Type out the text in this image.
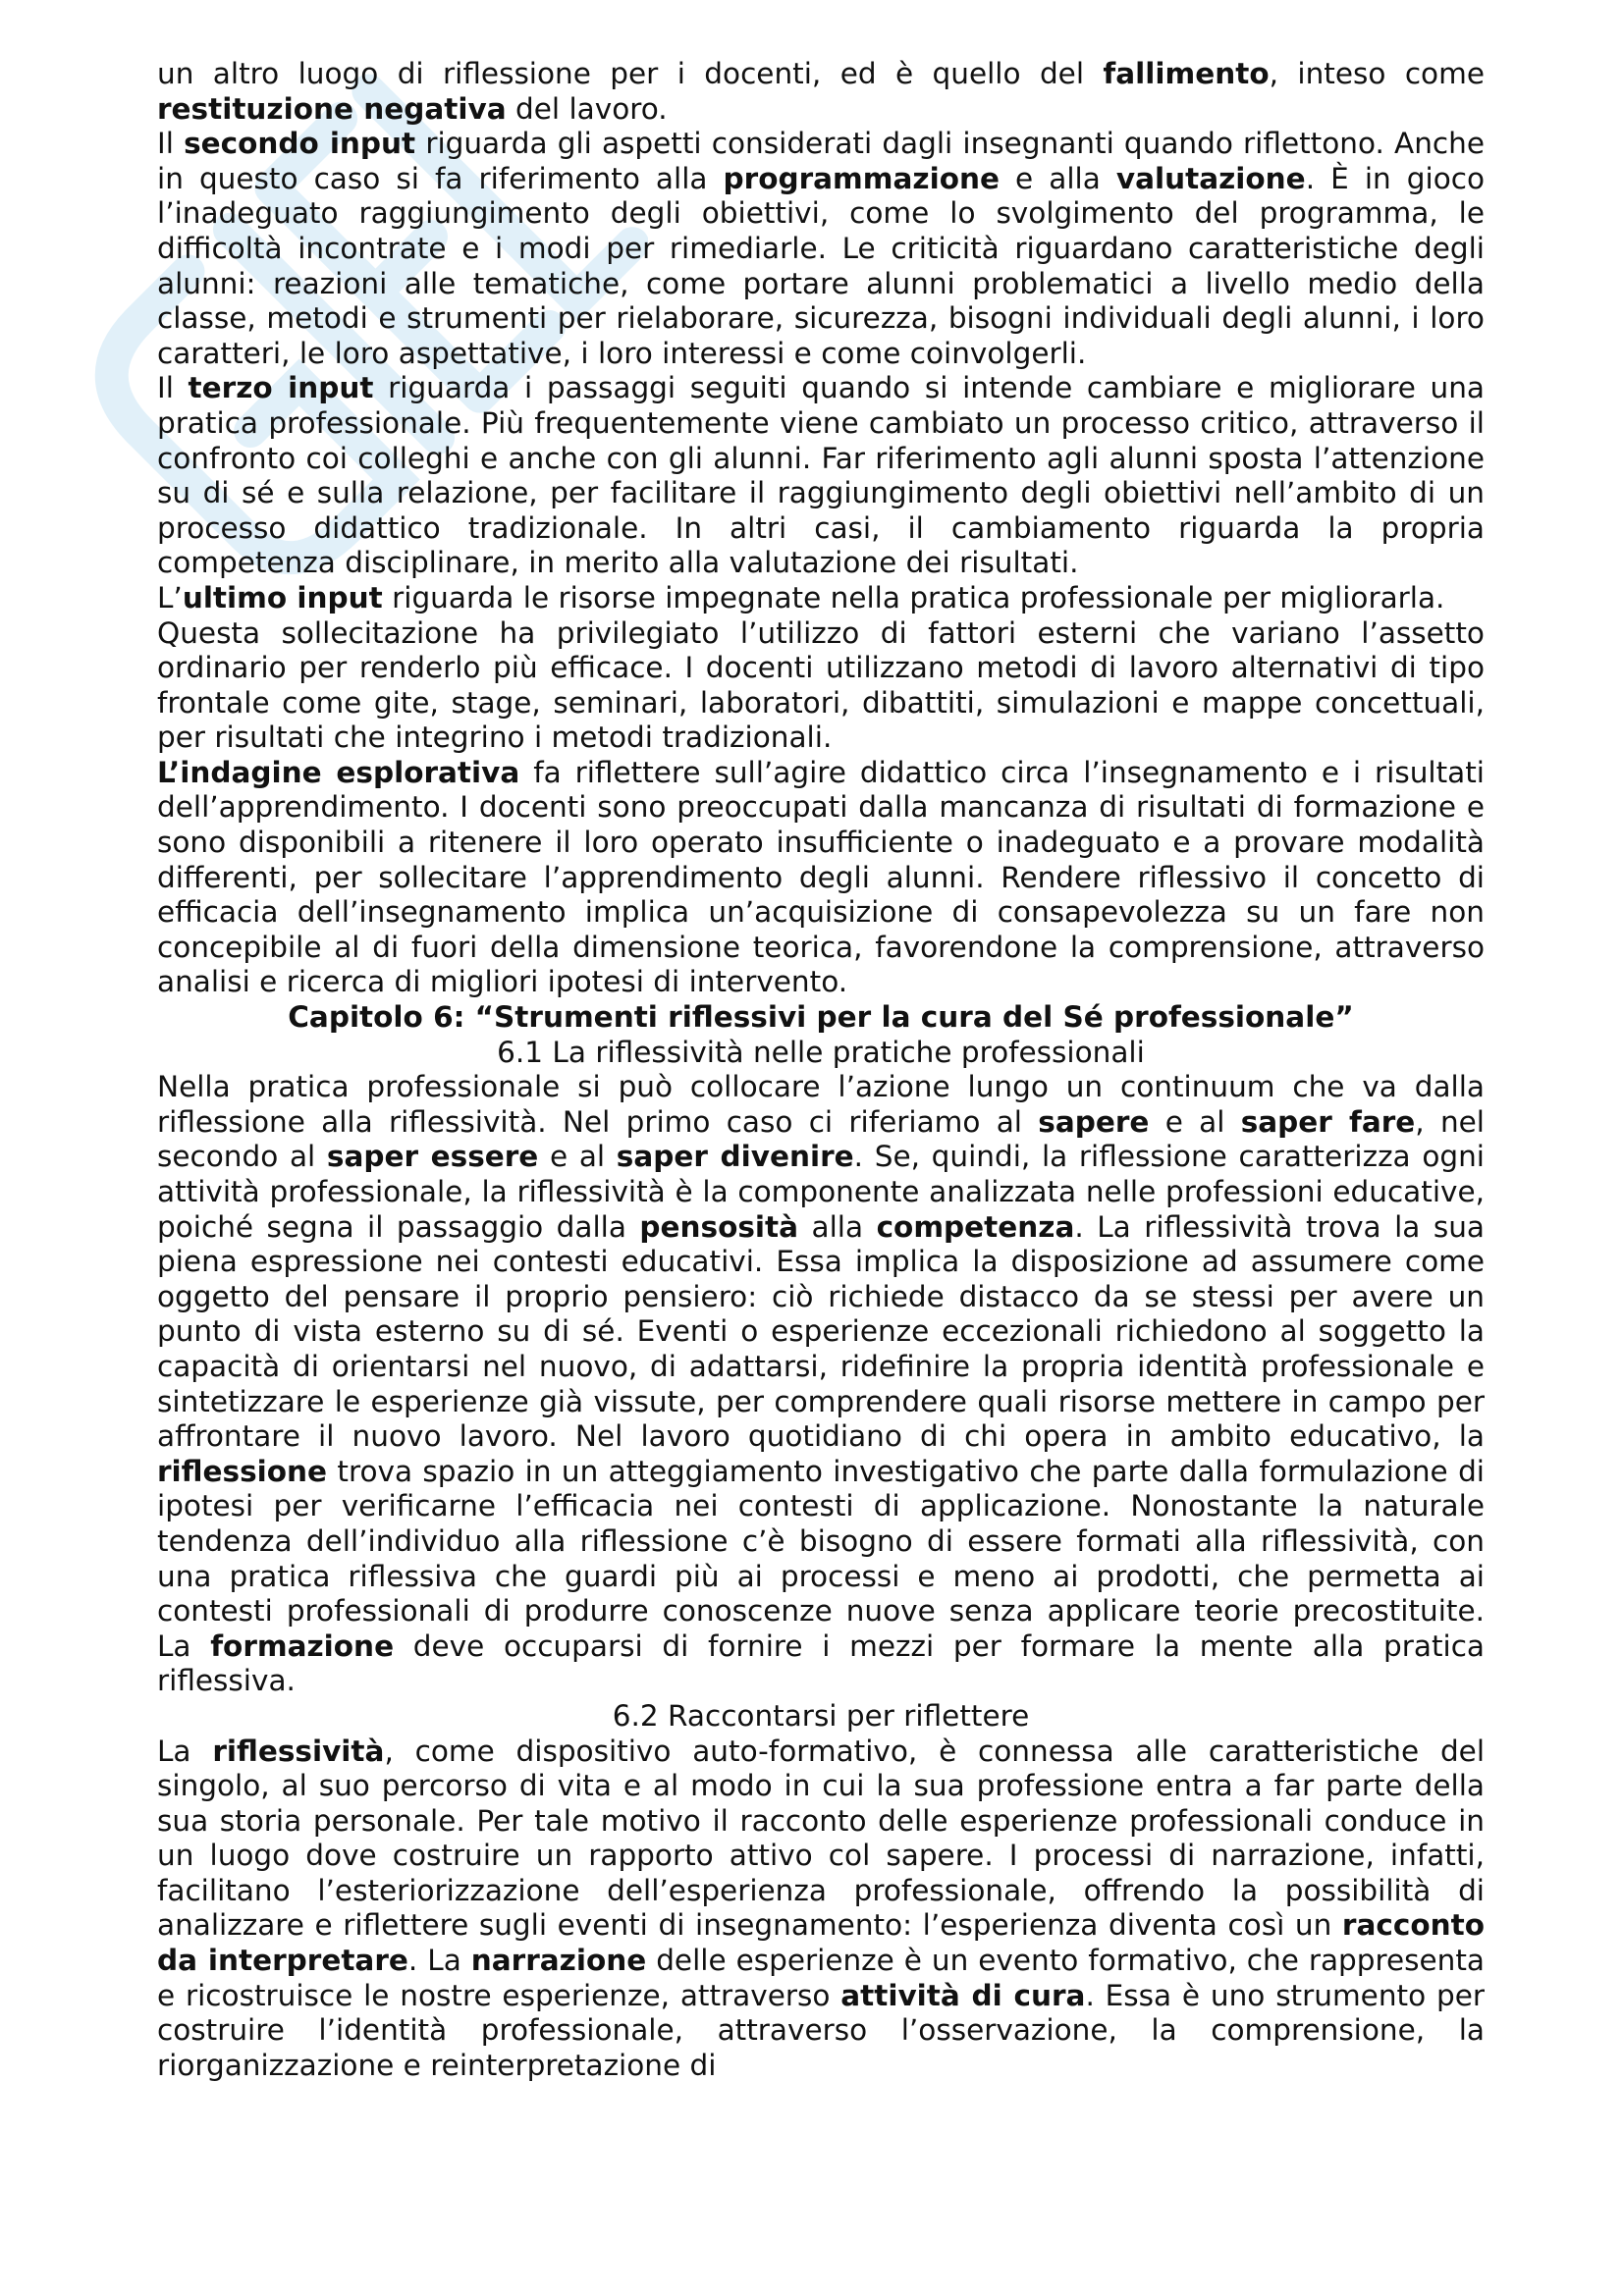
un altro luogo di riflessione per i docenti, ed è quello del fallimento, inteso come restituzione negativa del lavoro.

Il secondo input riguarda gli aspetti considerati dagli insegnanti quando riflettono. Anche in questo caso si fa riferimento alla programmazione e alla valutazione. È in gioco l’inadeguato raggiungimento degli obiettivi, come lo svolgimento del programma, le difficoltà incontrate e i modi per rimediarle. Le criticità riguardano caratteristiche degli alunni: reazioni alle tematiche, come portare alunni problematici a livello medio della classe, metodi e strumenti per rielaborare, sicurezza, bisogni individuali degli alunni, i loro caratteri, le loro aspettative, i loro interessi e come coinvolgerli.

Il terzo input riguarda i passaggi seguiti quando si intende cambiare e migliorare una pratica professionale. Più frequentemente viene cambiato un processo critico, attraverso il confronto coi colleghi e anche con gli alunni. Far riferimento agli alunni sposta l’attenzione su di sé e sulla relazione, per facilitare il raggiungimento degli obiettivi nell’ambito di un processo didattico tradizionale. In altri casi, il cambiamento riguarda la propria competenza disciplinare, in merito alla valutazione dei risultati.

L’ultimo input riguarda le risorse impegnate nella pratica professionale per migliorarla.

Questa sollecitazione ha privilegiato l’utilizzo di fattori esterni che variano l’assetto ordinario per renderlo più efficace. I docenti utilizzano metodi di lavoro alternativi di tipo frontale come gite, stage, seminari, laboratori, dibattiti, simulazioni e mappe concettuali, per risultati che integrino i metodi tradizionali.

L’indagine esplorativa fa riflettere sull’agire didattico circa l’insegnamento e i risultati dell’apprendimento. I docenti sono preoccupati dalla mancanza di risultati di formazione e sono disponibili a ritenere il loro operato insufficiente o inadeguato e a provare modalità differenti, per sollecitare l’apprendimento degli alunni. Rendere riflessivo il concetto di efficacia dell’insegnamento implica un’acquisizione di consapevolezza su un fare non concepibile al di fuori della dimensione teorica, favorendone la comprensione, attraverso analisi e ricerca di migliori ipotesi di intervento.

Capitolo 6: “Strumenti riflessivi per la cura del Sé professionale”

6.1 La riflessività nelle pratiche professionali

Nella pratica professionale si può collocare l’azione lungo un continuum che va dalla riflessione alla riflessività. Nel primo caso ci riferiamo al sapere e al saper fare, nel secondo al saper essere e al saper divenire. Se, quindi, la riflessione caratterizza ogni attività professionale, la riflessività è la componente analizzata nelle professioni educative, poiché segna il passaggio dalla pensosità alla competenza. La riflessività trova la sua piena espressione nei contesti educativi. Essa implica la disposizione ad assumere come oggetto del pensare il proprio pensiero: ciò richiede distacco da se stessi per avere un punto di vista esterno su di sé. Eventi o esperienze eccezionali richiedono al soggetto la capacità di orientarsi nel nuovo, di adattarsi, ridefinire la propria identità professionale e sintetizzare le esperienze già vissute, per comprendere quali risorse mettere in campo per affrontare il nuovo lavoro. Nel lavoro quotidiano di chi opera in ambito educativo, la riflessione trova spazio in un atteggiamento investigativo che parte dalla formulazione di ipotesi per verificarne l’efficacia nei contesti di applicazione. Nonostante la naturale tendenza dell’individuo alla riflessione c’è bisogno di essere formati alla riflessività, con una pratica riflessiva che guardi più ai processi e meno ai prodotti, che permetta ai contesti professionali di produrre conoscenze nuove senza applicare teorie precostituite. La formazione deve occuparsi di fornire i mezzi per formare la mente alla pratica riflessiva.

6.2 Raccontarsi per riflettere

La riflessività, come dispositivo auto-formativo, è connessa alle caratteristiche del singolo, al suo percorso di vita e al modo in cui la sua professione entra a far parte della sua storia personale. Per tale motivo il racconto delle esperienze professionali conduce in un luogo dove costruire un rapporto attivo col sapere. I processi di narrazione, infatti, facilitano l’esteriorizzazione dell’esperienza professionale, offrendo la possibilità di analizzare e riflettere sugli eventi di insegnamento: l’esperienza diventa così un racconto da interpretare. La narrazione delle esperienze è un evento formativo, che rappresenta e ricostruisce le nostre esperienze, attraverso attività di cura. Essa è uno strumento per costruire l’identità professionale, attraverso l’osservazione, la comprensione, la riorganizzazione e reinterpretazione di
